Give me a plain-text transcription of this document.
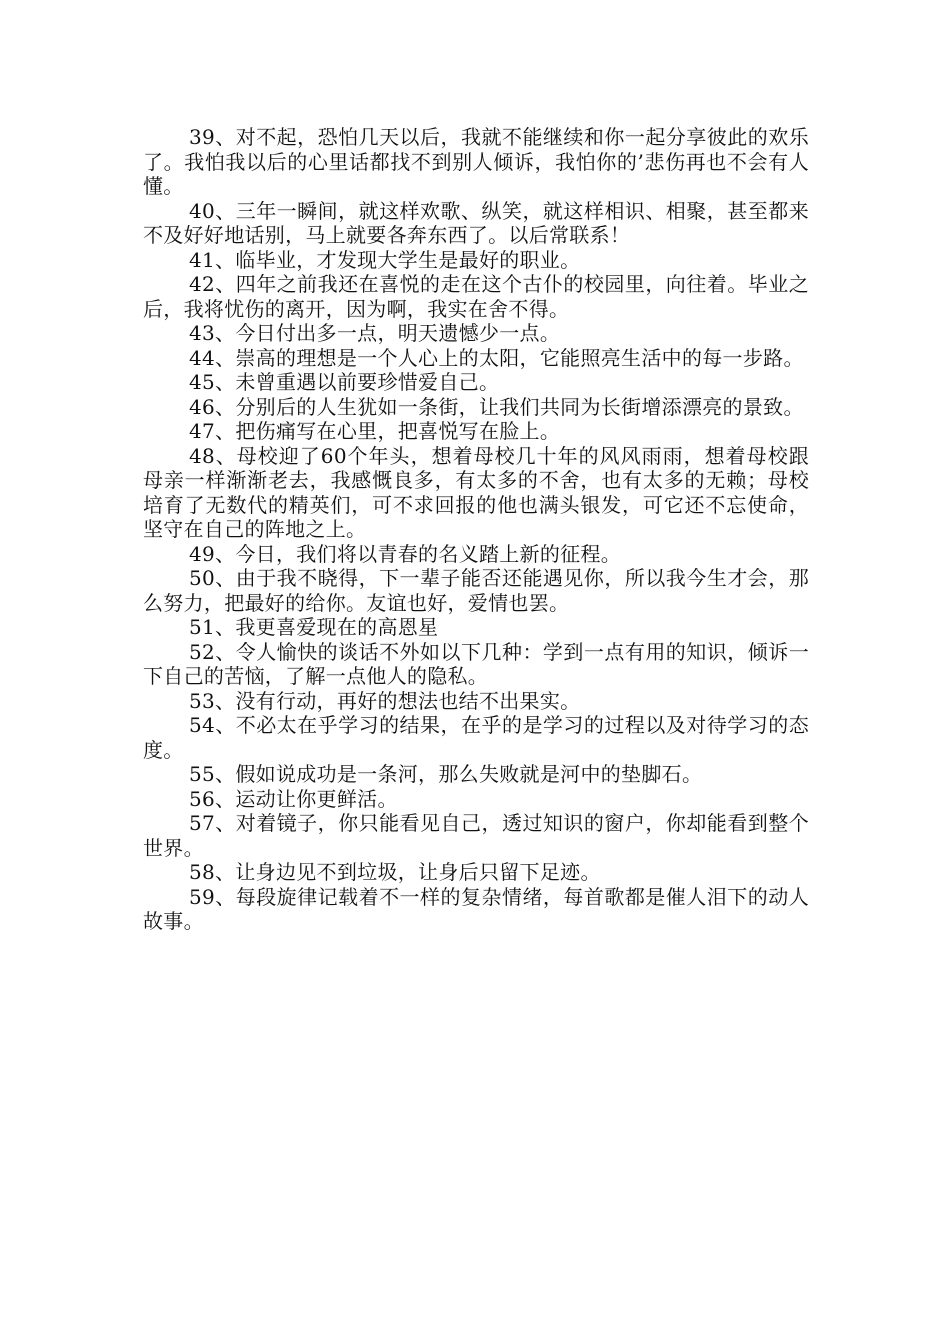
39、对不起，恐怕几天以后，我就不能继续和你一起分享彼此的欢乐了。我怕我以后的心里话都找不到别人倾诉，我怕你的’悲伤再也不会有人懂。

40、三年一瞬间，就这样欢歌、纵笑，就这样相识、相聚，甚至都来不及好好地话别，马上就要各奔东西了。以后常联系！

41、临毕业，才发现大学生是最好的职业。

42、四年之前我还在喜悦的走在这个古仆的校园里，向往着。毕业之后，我将忧伤的离开，因为啊，我实在舍不得。

43、今日付出多一点，明天遗憾少一点。

44、崇高的理想是一个人心上的太阳，它能照亮生活中的每一步路。

45、未曾重遇以前要珍惜爱自己。

46、分别后的人生犹如一条街，让我们共同为长街增添漂亮的景致。

47、把伤痛写在心里，把喜悦写在脸上。

48、母校迎了60个年头，想着母校几十年的风风雨雨，想着母校跟母亲一样渐渐老去，我感慨良多，有太多的不舍，也有太多的无赖；母校培育了无数代的精英们，可不求回报的他也满头银发，可它还不忘使命，坚守在自己的阵地之上。

49、今日，我们将以青春的名义踏上新的征程。

50、由于我不晓得，下一辈子能否还能遇见你，所以我今生才会，那么努力，把最好的给你。友谊也好，爱情也罢。

51、我更喜爱现在的高恩星

52、令人愉快的谈话不外如以下几种：学到一点有用的知识，倾诉一下自己的苦恼，了解一点他人的隐私。

53、没有行动，再好的想法也结不出果实。

54、不必太在乎学习的结果，在乎的是学习的过程以及对待学习的态度。

55、假如说成功是一条河，那么失败就是河中的垫脚石。

56、运动让你更鲜活。

57、对着镜子，你只能看见自己，透过知识的窗户，你却能看到整个世界。

58、让身边见不到垃圾，让身后只留下足迹。

59、每段旋律记载着不一样的复杂情绪，每首歌都是催人泪下的动人故事。
